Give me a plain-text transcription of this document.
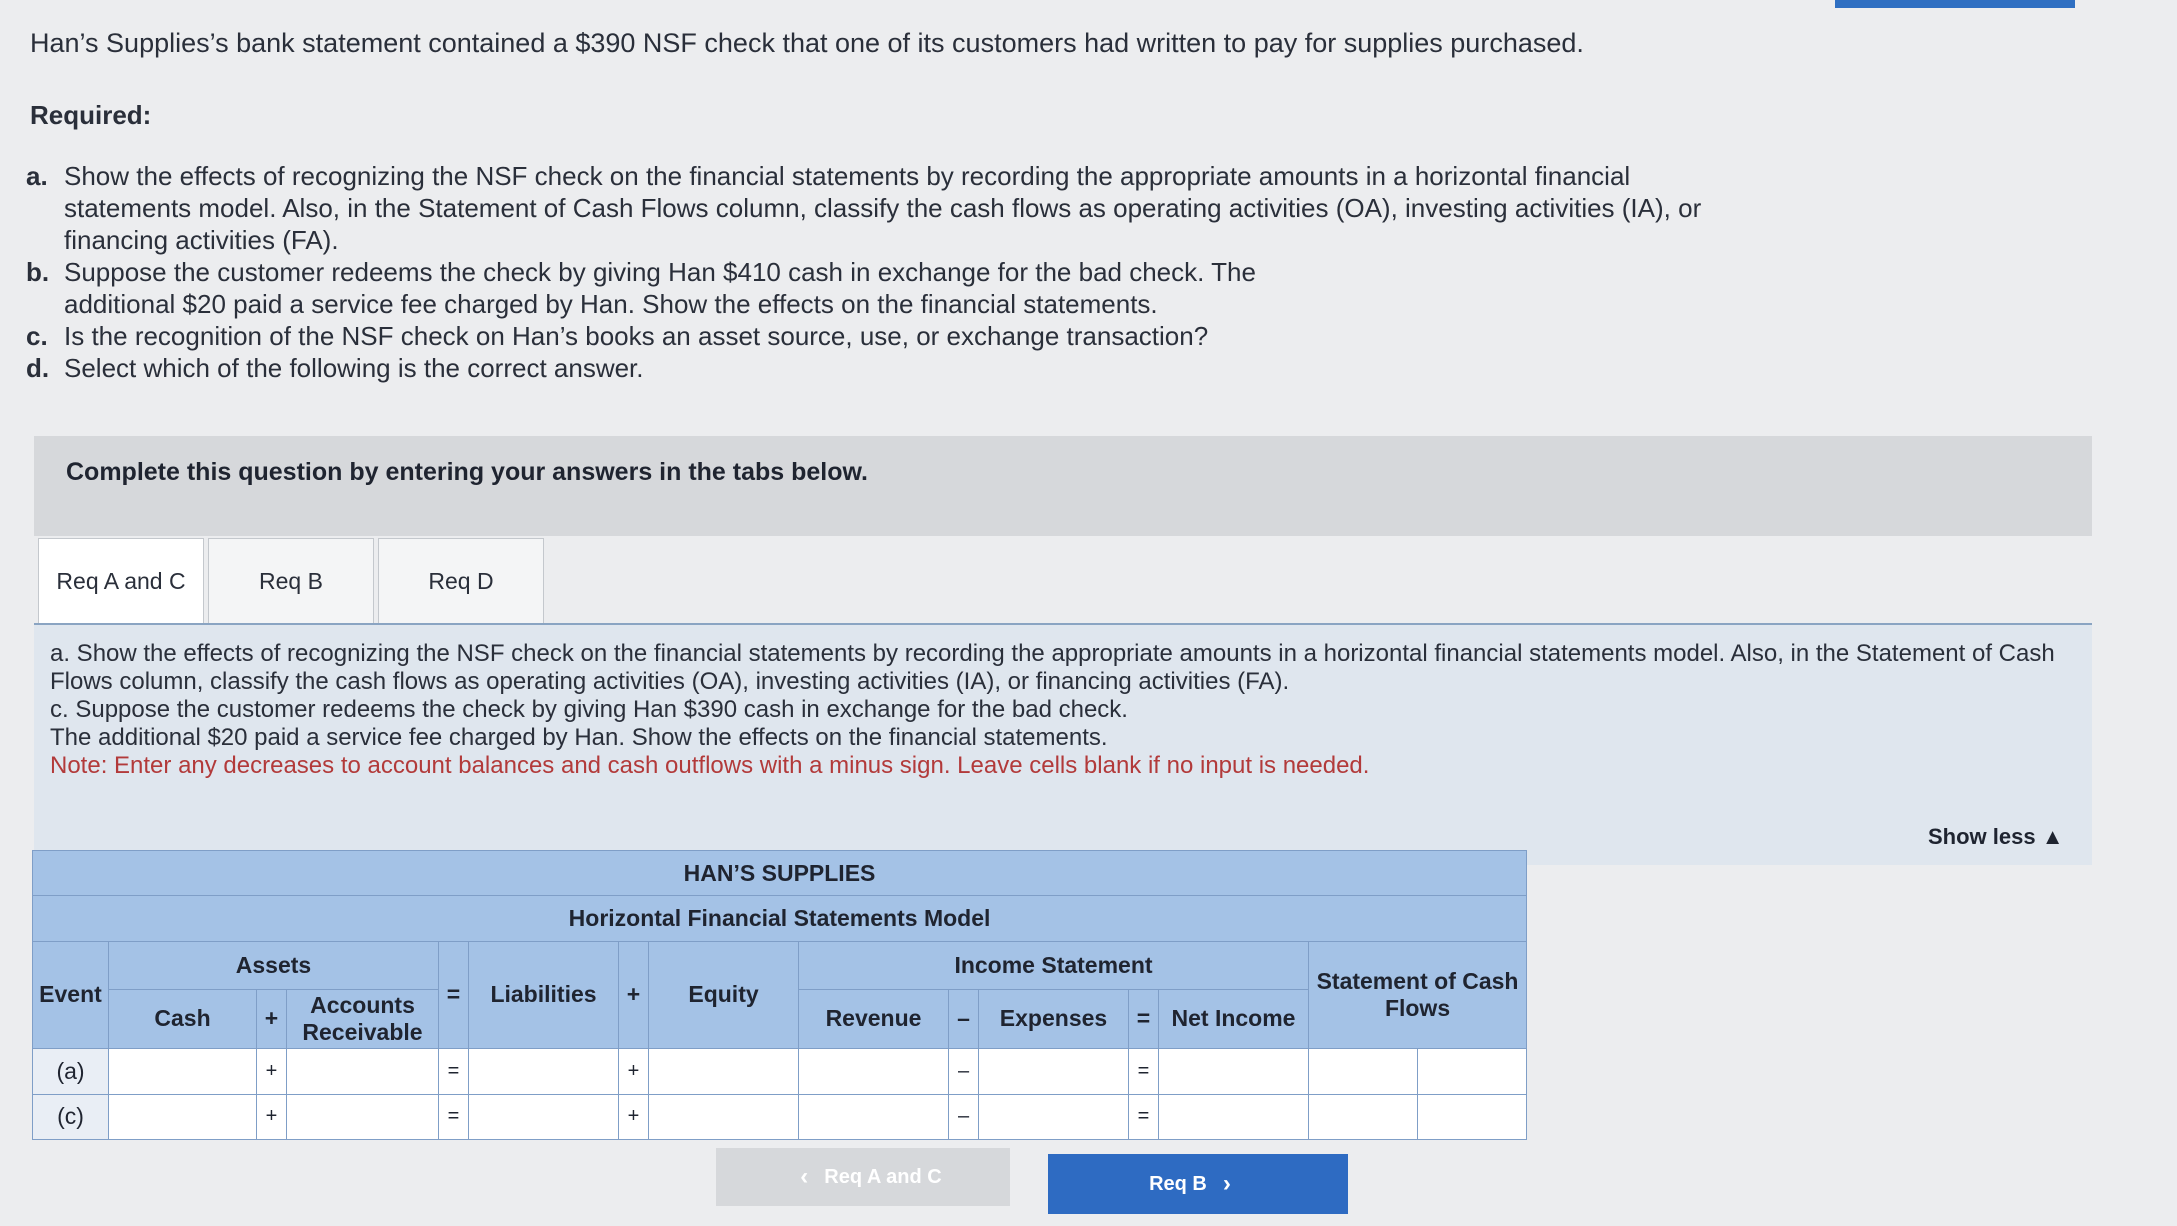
Han’s Supplies’s bank statement contained a $390 NSF check that one of its customers had written to pay for supplies purchased.
Required:
a. Show the effects of recognizing the NSF check on the financial statements by recording the appropriate amounts in a horizontal financial statements model. Also, in the Statement of Cash Flows column, classify the cash flows as operating activities (OA), investing activities (IA), or financing activities (FA).
b. Suppose the customer redeems the check by giving Han $410 cash in exchange for the bad check. The additional $20 paid a service fee charged by Han. Show the effects on the financial statements.
c. Is the recognition of the NSF check on Han’s books an asset source, use, or exchange transaction?
d. Select which of the following is the correct answer.
Complete this question by entering your answers in the tabs below.
Req A and C	Req B	Req D
a. Show the effects of recognizing the NSF check on the financial statements by recording the appropriate amounts in a horizontal financial statements model. Also, in the Statement of Cash Flows column, classify the cash flows as operating activities (OA), investing activities (IA), or financing activities (FA).
c. Suppose the customer redeems the check by giving Han $390 cash in exchange for the bad check.
The additional $20 paid a service fee charged by Han. Show the effects on the financial statements.
Note: Enter any decreases to account balances and cash outflows with a minus sign. Leave cells blank if no input is needed.
Show less ▲
HAN’S SUPPLIES														
Horizontal Financial Statements Model														
Event	Assets			=	Liabilities	+	Equity	Income Statement					Statement of Cash Flows	
	Cash	+	Accounts Receivable					Revenue	–	Expenses	=	Net Income		
(a)		+		=		+			–		=			
(c)		+		=		+			–		=			
‹ Req A and C	Req B ›
